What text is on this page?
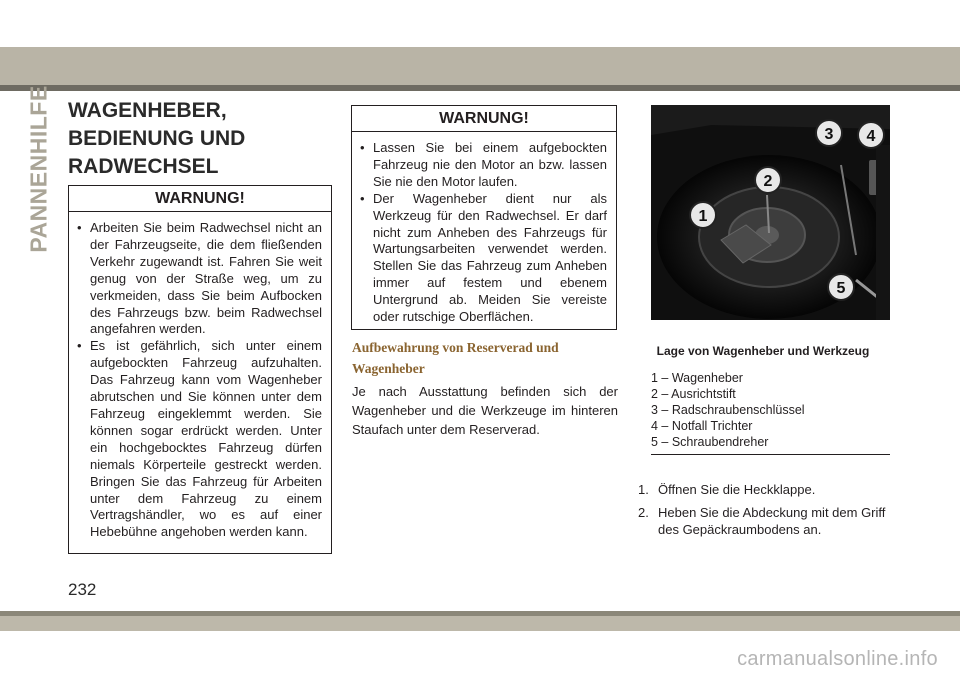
PANNENHILFE WAGENHEBER,
BEDIENUNG UND
RADWECHSEL
WARNUNG!
• Arbeiten Sie beim Radwechsel nicht an der Fahrzeugseite, die dem fließenden Verkehr zugewandt ist. Fahren Sie weit genug von der Straße weg, um zu verkmeiden, dass Sie beim Aufbocken des Fahrzeugs bzw. beim Radwechsel angefahren werden.
• Es ist gefährlich, sich unter einem aufgebockten Fahrzeug aufzuhalten. Das Fahrzeug kann vom Wagenheber abrutschen und Sie können unter dem Fahrzeug eingeklemmt werden. Sie können sogar erdrückt werden. Unter ein hochgebocktes Fahrzeug dürfen niemals Körperteile gestreckt werden. Bringen Sie das Fahrzeug für Arbeiten unter dem Fahrzeug zu einem Vertragshändler, wo es auf einer Hebebühne angehoben werden kann.
WARNUNG!
• Lassen Sie bei einem aufgebockten Fahrzeug nie den Motor an bzw. lassen Sie nie den Motor laufen.
• Der Wagenheber dient nur als Werkzeug für den Radwechsel. Er darf nicht zum Anheben des Fahrzeugs für Wartungsarbeiten verwendet werden. Stellen Sie das Fahrzeug zum Anheben immer auf festem und ebenem Untergrund ab. Meiden Sie vereiste oder rutschige Oberflächen.
Aufbewahrung von Reserverad und Wagenheber
Je nach Ausstattung befinden sich der Wagenheber und die Werkzeuge im hinteren Staufach unter dem Reserverad.
1
2
3 4
5
Lage von Wagenheber und Werkzeug
1 – Wagenheber
2 – Ausrichtstift
3 – Radschraubenschlüssel
4 – Notfall Trichter
5 – Schraubendreher
1. Öffnen Sie die Heckklappe.
2. Heben Sie die Abdeckung mit dem Griff des Gepäckraumbodens an.
232
carmanualsonline.info
